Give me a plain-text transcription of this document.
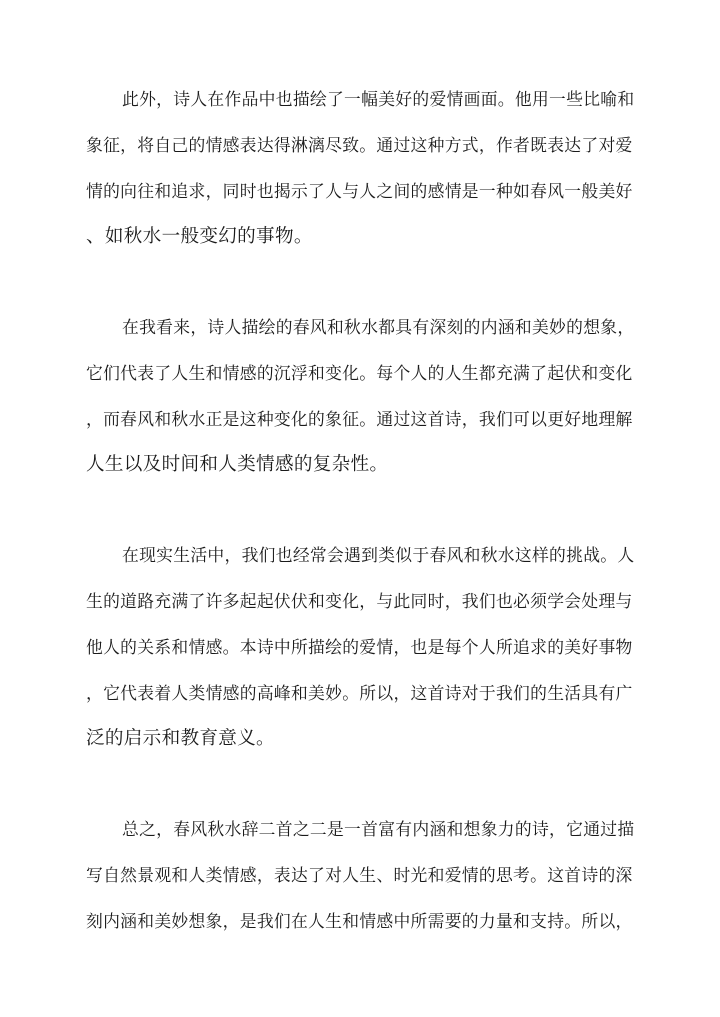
此外，诗人在作品中也描绘了一幅美好的爱情画面。他用一些比喻和
象征，将自己的情感表达得淋漓尽致。通过这种方式，作者既表达了对爱
情的向往和追求，同时也揭示了人与人之间的感情是一种如春风一般美好
、如秋水一般变幻的事物。
在我看来，诗人描绘的春风和秋水都具有深刻的内涵和美妙的想象，
它们代表了人生和情感的沉浮和变化。每个人的人生都充满了起伏和变化
，而春风和秋水正是这种变化的象征。通过这首诗，我们可以更好地理解
人生以及时间和人类情感的复杂性。
在现实生活中，我们也经常会遇到类似于春风和秋水这样的挑战。人
生的道路充满了许多起起伏伏和变化，与此同时，我们也必须学会处理与
他人的关系和情感。本诗中所描绘的爱情，也是每个人所追求的美好事物
，它代表着人类情感的高峰和美妙。所以，这首诗对于我们的生活具有广
泛的启示和教育意义。
总之，春风秋水辞二首之二是一首富有内涵和想象力的诗，它通过描
写自然景观和人类情感，表达了对人生、时光和爱情的思考。这首诗的深
刻内涵和美妙想象，是我们在人生和情感中所需要的力量和支持。所以，
